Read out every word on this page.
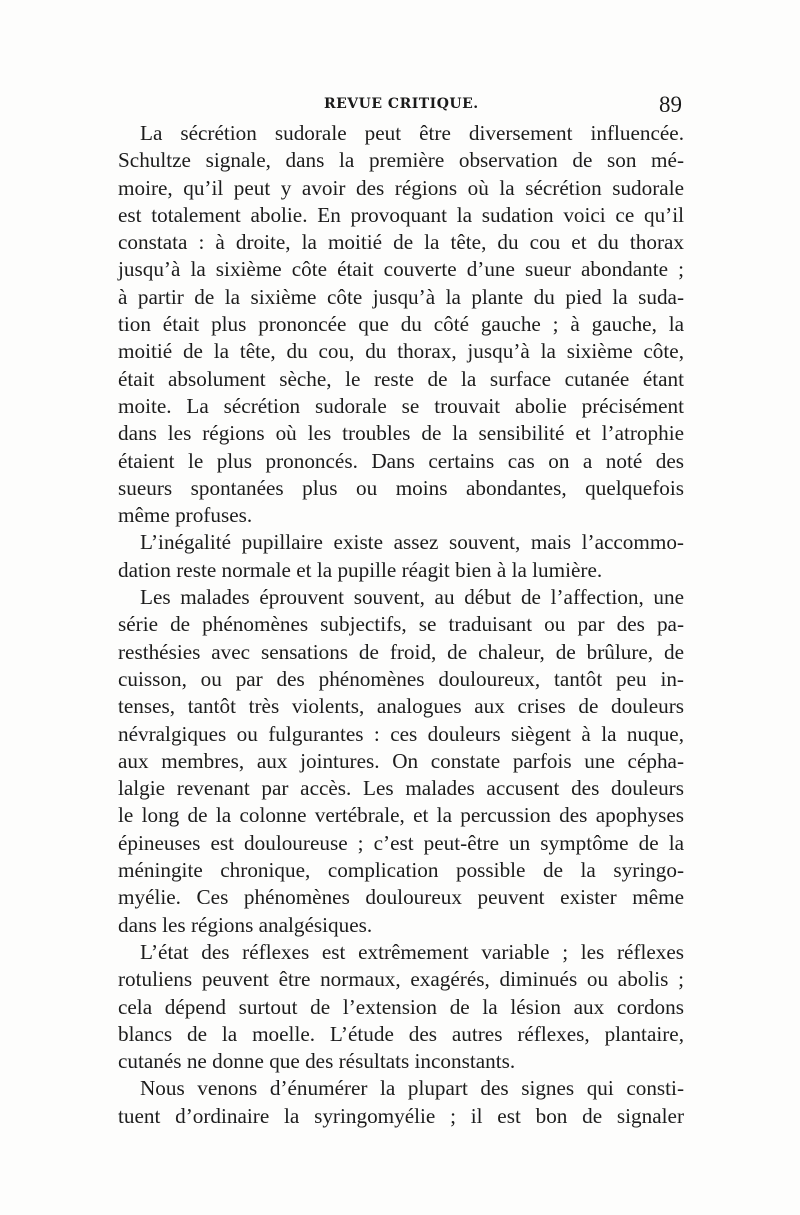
REVUE CRITIQUE.	89
La sécrétion sudorale peut être diversement influencée.
Schultze signale, dans la première observation de son mé-
moire, qu’il peut y avoir des régions où la sécrétion sudorale
est totalement abolie. En provoquant la sudation voici ce qu’il
constata : à droite, la moitié de la tête, du cou et du thorax
jusqu’à la sixième côte était couverte d’une sueur abondante ;
à partir de la sixième côte jusqu’à la plante du pied la suda-
tion était plus prononcée que du côté gauche ; à gauche, la
moitié de la tête, du cou, du thorax, jusqu’à la sixième côte,
était absolument sèche, le reste de la surface cutanée étant
moite. La sécrétion sudorale se trouvait abolie précisément
dans les régions où les troubles de la sensibilité et l’atrophie
étaient le plus prononcés. Dans certains cas on a noté des
sueurs spontanées plus ou moins abondantes, quelquefois
même profuses.
L’inégalité pupillaire existe assez souvent, mais l’accommo-
dation reste normale et la pupille réagit bien à la lumière.
Les malades éprouvent souvent, au début de l’affection, une
série de phénomènes subjectifs, se traduisant ou par des pa-
resthésies avec sensations de froid, de chaleur, de brûlure, de
cuisson, ou par des phénomènes douloureux, tantôt peu in-
tenses, tantôt très violents, analogues aux crises de douleurs
névralgiques ou fulgurantes : ces douleurs siègent à la nuque,
aux membres, aux jointures. On constate parfois une cépha-
lalgie revenant par accès. Les malades accusent des douleurs
le long de la colonne vertébrale, et la percussion des apophyses
épineuses est douloureuse ; c’est peut-être un symptôme de la
méningite chronique, complication possible de la syringo-
myélie. Ces phénomènes douloureux peuvent exister même
dans les régions analgésiques.
L’état des réflexes est extrêmement variable ; les réflexes
rotuliens peuvent être normaux, exagérés, diminués ou abolis ;
cela dépend surtout de l’extension de la lésion aux cordons
blancs de la moelle. L’étude des autres réflexes, plantaire,
cutanés ne donne que des résultats inconstants.
Nous venons d’énumérer la plupart des signes qui consti-
tuent d’ordinaire la syringomyélie ; il est bon de signaler
